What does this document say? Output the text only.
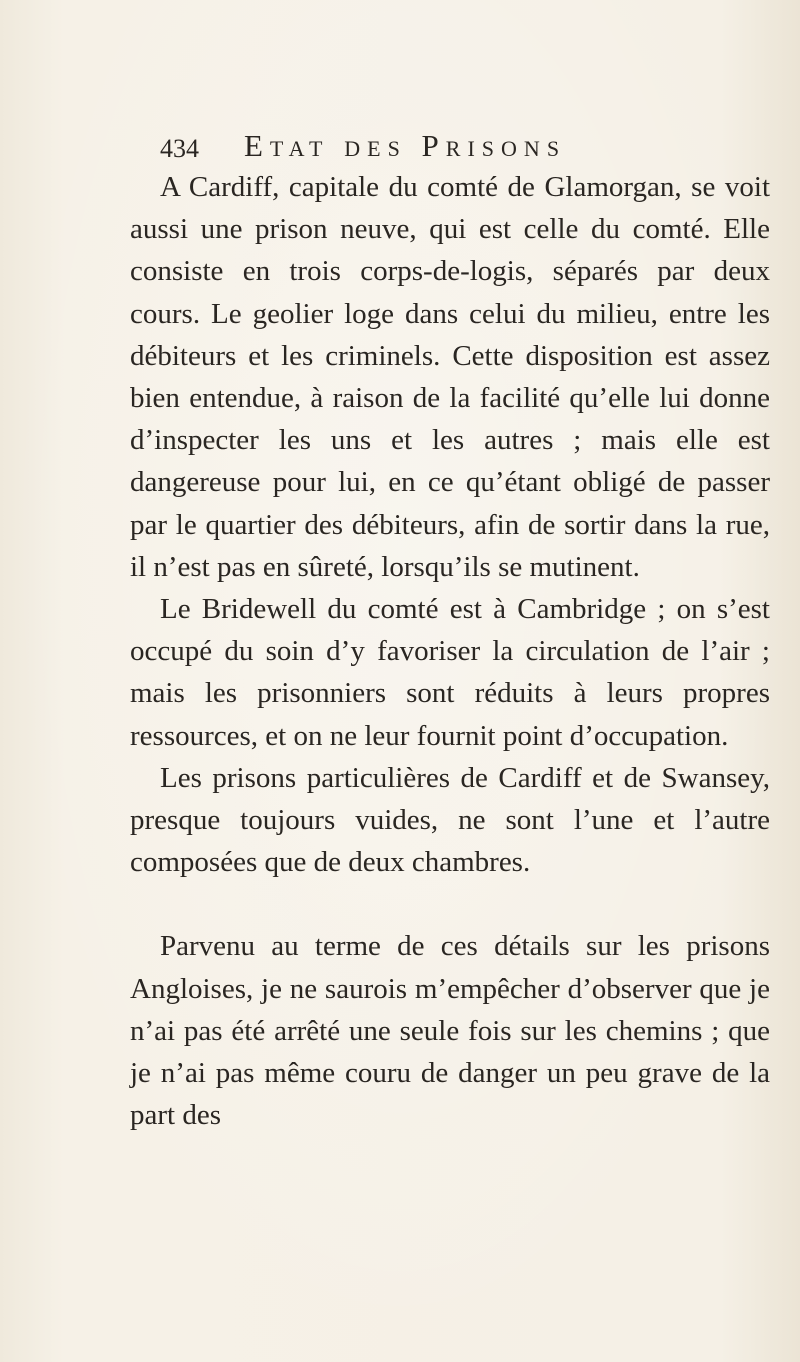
434 Etat des Prisons

A Cardiff, capitale du comté de Glamorgan, se voit aussi une prison neuve, qui est celle du comté. Elle consiste en trois corps-de-logis, séparés par deux cours. Le geolier loge dans celui du milieu, entre les débiteurs et les criminels. Cette disposition est assez bien entendue, à raison de la facilité qu’elle lui donne d’inspecter les uns et les autres ; mais elle est dangereuse pour lui, en ce qu’étant obligé de passer par le quartier des débiteurs, afin de sortir dans la rue, il n’est pas en sûreté, lorsqu’ils se mutinent.

Le Bridewell du comté est à Cambridge ; on s’est occupé du soin d’y favoriser la circulation de l’air ; mais les prisonniers sont réduits à leurs propres ressources, et on ne leur fournit point d’occupation.

Les prisons particulières de Cardiff et de Swansey, presque toujours vuides, ne sont l’une et l’autre composées que de deux chambres.

Parvenu au terme de ces détails sur les prisons Angloises, je ne saurois m’empêcher d’observer que je n’ai pas été arrêté une seule fois sur les chemins ; que je n’ai pas même couru de danger un peu grave de la part des
